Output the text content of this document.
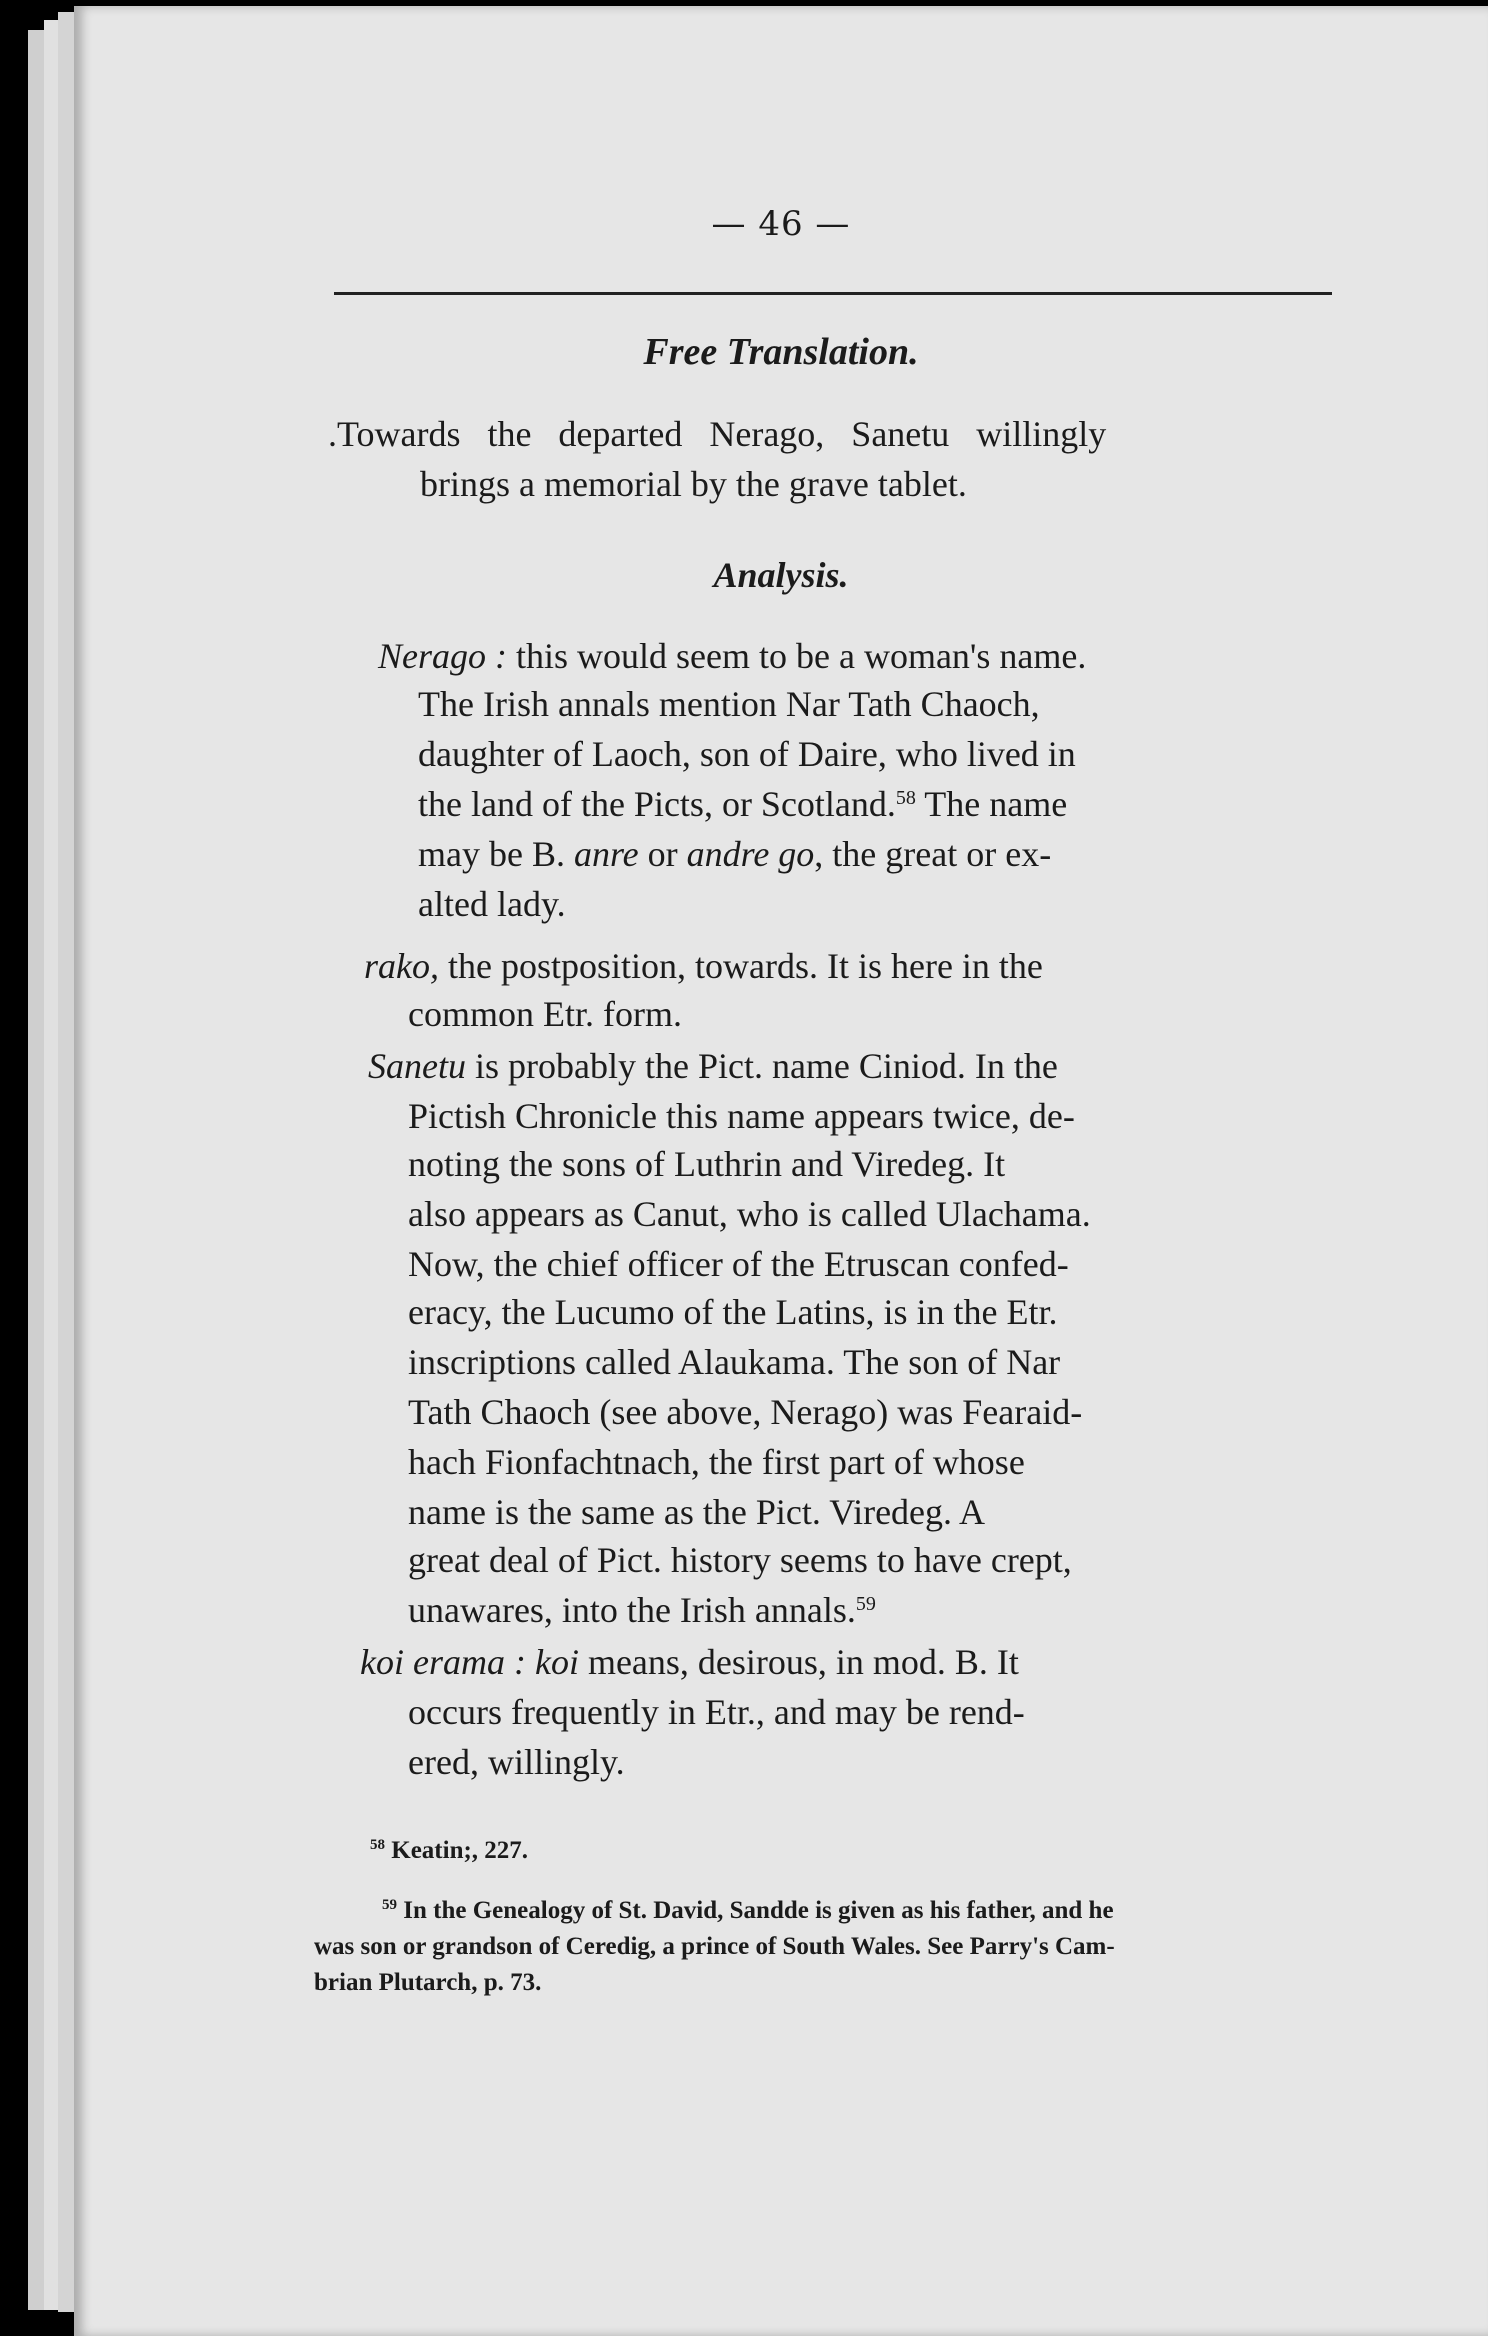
— 46 —
Free Translation.
.Towards the departed Nerago, Sanetu willingly
brings a memorial by the grave tablet.
Analysis.
Nerago : this would seem to be a woman's name.
The Irish annals mention Nar Tath Chaoch,
daughter of Laoch, son of Daire, who lived in
the land of the Picts, or Scotland.$^{58}$ The name
may be B. anre or andre go, the great or ex-
alted lady.
rako, the postposition, towards. It is here in the
common Etr. form.
Sanetu is probably the Pict. name Ciniod. In the
Pictish Chronicle this name appears twice, de-
noting the sons of Luthrin and Viredeg. It
also appears as Canut, who is called Ulachama.
Now, the chief officer of the Etruscan confed-
eracy, the Lucumo of the Latins, is in the Etr.
inscriptions called Alaukama. The son of Nar
Tath Chaoch (see above, Nerago) was Fearaid-
hach Fionfachtnach, the first part of whose
name is the same as the Pict. Viredeg. A
great deal of Pict. history seems to have crept,
unawares, into the Irish annals.$^{59}$
koi erama : koi means, desirous, in mod. B. It
occurs frequently in Etr., and may be rend-
ered, willingly.
$^{58}$ Keatin;, 227.
$^{59}$ In the Genealogy of St. David, Sandde is given as his father, and he
was son or grandson of Ceredig, a prince of South Wales. See Parry's Cam-
brian Plutarch, p. 73.
